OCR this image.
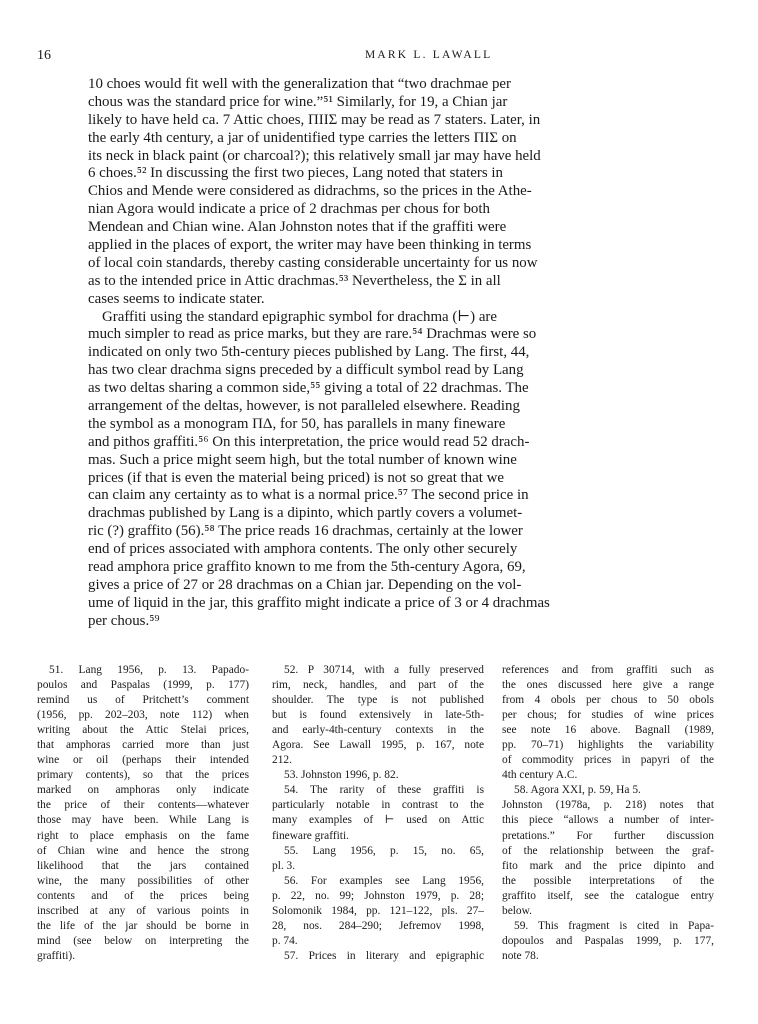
16	MARK L. LAWALL
10 choes would fit well with the generalization that “two drachmae per
chous was the standard price for wine.”⁵¹ Similarly, for 19, a Chian jar
likely to have held ca. 7 Attic choes, ΠΙΙΣ may be read as 7 staters. Later, in
the early 4th century, a jar of unidentified type carries the letters ΠΙΣ on
its neck in black paint (or charcoal?); this relatively small jar may have held
6 choes.⁵² In discussing the first two pieces, Lang noted that staters in
Chios and Mende were considered as didrachms, so the prices in the Athe-
nian Agora would indicate a price of 2 drachmas per chous for both
Mendean and Chian wine. Alan Johnston notes that if the graffiti were
applied in the places of export, the writer may have been thinking in terms
of local coin standards, thereby casting considerable uncertainty for us now
as to the intended price in Attic drachmas.⁵³ Nevertheless, the Σ in all
cases seems to indicate stater.
Graffiti using the standard epigraphic symbol for drachma (⊢) are
much simpler to read as price marks, but they are rare.⁵⁴ Drachmas were so
indicated on only two 5th-century pieces published by Lang. The first, 44,
has two clear drachma signs preceded by a difficult symbol read by Lang
as two deltas sharing a common side,⁵⁵ giving a total of 22 drachmas. The
arrangement of the deltas, however, is not paralleled elsewhere. Reading
the symbol as a monogram ΠΔ, for 50, has parallels in many fineware
and pithos graffiti.⁵⁶ On this interpretation, the price would read 52 drach-
mas. Such a price might seem high, but the total number of known wine
prices (if that is even the material being priced) is not so great that we
can claim any certainty as to what is a normal price.⁵⁷ The second price in
drachmas published by Lang is a dipinto, which partly covers a volumet-
ric (?) graffito (56).⁵⁸ The price reads 16 drachmas, certainly at the lower
end of prices associated with amphora contents. The only other securely
read amphora price graffito known to me from the 5th-century Agora, 69,
gives a price of 27 or 28 drachmas on a Chian jar. Depending on the vol-
ume of liquid in the jar, this graffito might indicate a price of 3 or 4 drachmas
per chous.⁵⁹
51. Lang 1956, p. 13. Papado-
poulos and Paspalas (1999, p. 177)
remind us of Pritchett’s comment
(1956, pp. 202–203, note 112) when
writing about the Attic Stelai prices,
that amphoras carried more than just
wine or oil (perhaps their intended
primary contents), so that the prices
marked on amphoras only indicate
the price of their contents—whatever
those may have been. While Lang is
right to place emphasis on the fame
of Chian wine and hence the strong
likelihood that the jars contained
wine, the many possibilities of other
contents and of the prices being
inscribed at any of various points in
the life of the jar should be borne in
mind (see below on interpreting the
graffiti).
52. P 30714, with a fully preserved
rim, neck, handles, and part of the
shoulder. The type is not published
but is found extensively in late-5th-
and early-4th-century contexts in the
Agora. See Lawall 1995, p. 167, note
212.
53. Johnston 1996, p. 82.
54. The rarity of these graffiti is
particularly notable in contrast to the
many examples of ⊢ used on Attic
fineware graffiti.
55. Lang 1956, p. 15, no. 65,
pl. 3.
56. For examples see Lang 1956,
p. 22, no. 99; Johnston 1979, p. 28;
Solomonik 1984, pp. 121–122, pls. 27–
28, nos. 284–290; Jefremov 1998,
p. 74.
57. Prices in literary and epigraphic
references and from graffiti such as
the ones discussed here give a range
from 4 obols per chous to 50 obols
per chous; for studies of wine prices
see note 16 above. Bagnall (1989,
pp. 70–71) highlights the variability
of commodity prices in papyri of the
4th century A.C.
58. Agora XXI, p. 59, Ha 5.
Johnston (1978a, p. 218) notes that
this piece “allows a number of inter-
pretations.” For further discussion
of the relationship between the graf-
fito mark and the price dipinto and
the possible interpretations of the
graffito itself, see the catalogue entry
below.
59. This fragment is cited in Papa-
dopoulos and Paspalas 1999, p. 177,
note 78.
